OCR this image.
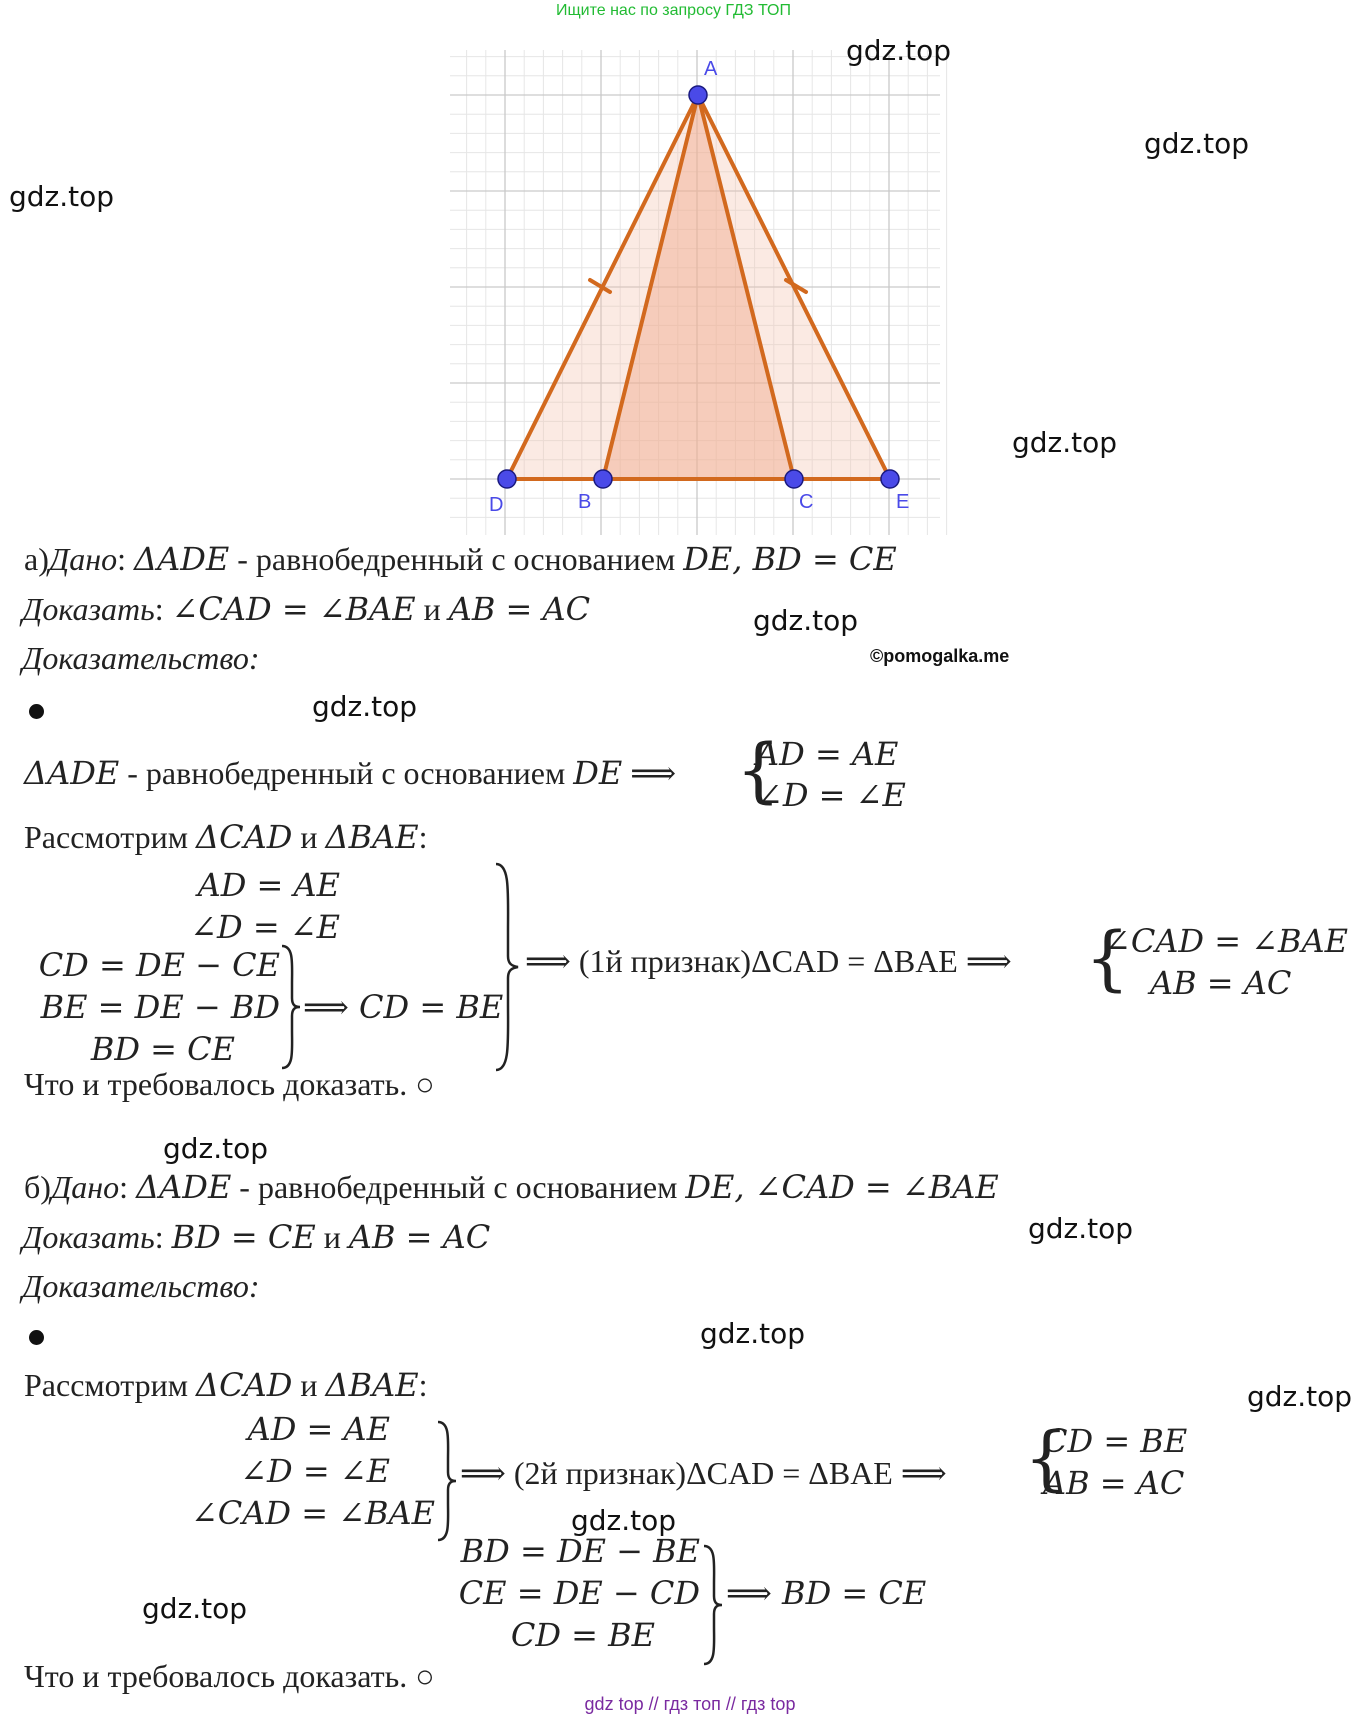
Ищите нас по запросу ГДЗ ТОП
A
D	B	C	E
gdz.top
gdz.top
gdz.top
gdz.top
gdz.top
gdz.top
gdz.top
gdz.top
gdz.top
gdz.top
gdz.top
gdz.top
©pomogalka.me
а)Дано: ΔADE - равнобедренный с основанием DE, BD = CE
Доказать: ∠CAD = ∠BAE и AB = AC
Доказательство:
ΔADE - равнобедренный с основанием DE ⟹ {
AD = AE
∠D = ∠E
Рассмотрим ΔCAD и ΔBAE:
AD = AE
∠D = ∠E
CD = DE − CE
BE = DE − BD
BD = CE
⟹ CD = BE
⟹ (1й признак)ΔCAD = ΔBAE ⟹ {
∠CAD = ∠BAE
AB = AC
Что и требовалось доказать. ○
б)Дано: ΔADE - равнобедренный с основанием DE, ∠CAD = ∠BAE
Доказать: BD = CE и AB = AC
Доказательство:
Рассмотрим ΔCAD и ΔBAE:
AD = AE
∠D = ∠E
∠CAD = ∠BAE
⟹ (2й признак)ΔCAD = ΔBAE ⟹ {
CD = BE
AB = AC
BD = DE − BE
CE = DE − CD
CD = BE
⟹ BD = CE
Что и требовалось доказать. ○
gdz top // гдз топ // гдз top
